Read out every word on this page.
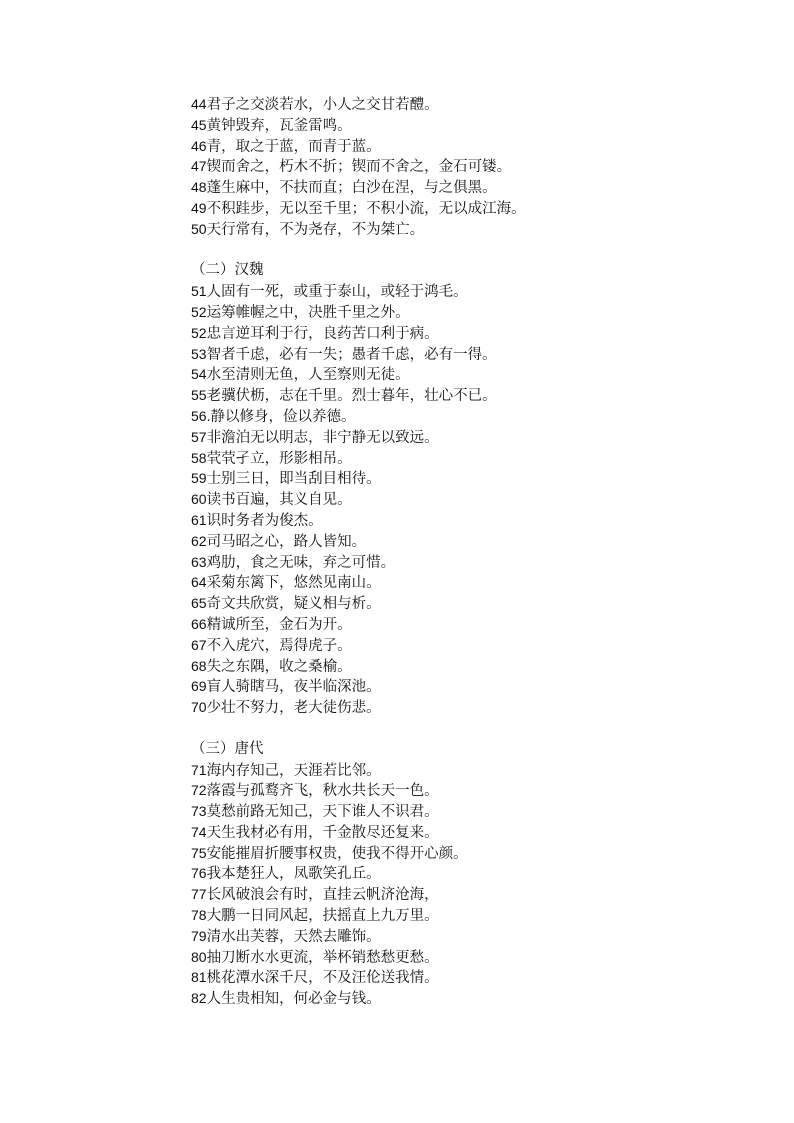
44君子之交淡若水，小人之交甘若醴。
45黄钟毁弃，瓦釜雷鸣。
46青，取之于蓝，而青于蓝。
47锲而舍之，朽木不折；锲而不舍之，金石可镂。
48蓬生麻中，不扶而直；白沙在涅，与之俱黑。
49不积跬步，无以至千里；不积小流，无以成江海。
50天行常有，不为尧存，不为桀亡。
（二）汉魏
51人固有一死，或重于泰山，或轻于鸿毛。
52运筹帷幄之中，决胜千里之外。
52忠言逆耳利于行，良药苦口利于病。
53智者千虑，必有一失；愚者千虑，必有一得。
54水至清则无鱼，人至察则无徒。
55老骥伏枥，志在千里。烈士暮年，壮心不已。
56.静以修身，俭以养德。
57非澹泊无以明志，非宁静无以致远。
58茕茕孑立，形影相吊。
59士别三日，即当刮目相待。
60读书百遍，其义自见。
61识时务者为俊杰。
62司马昭之心，路人皆知。
63鸡肋，食之无味，弃之可惜。
64采菊东篱下，悠然见南山。
65奇文共欣赏，疑义相与析。
66精诚所至，金石为开。
67不入虎穴，焉得虎子。
68失之东隅，收之桑榆。
69盲人骑瞎马，夜半临深池。
70少壮不努力，老大徒伤悲。
（三）唐代
71海内存知己，天涯若比邻。
72落霞与孤鹜齐飞，秋水共长天一色。
73莫愁前路无知己，天下谁人不识君。
74天生我材必有用，千金散尽还复来。
75安能摧眉折腰事权贵，使我不得开心颜。
76我本楚狂人，凤歌笑孔丘。
77长风破浪会有时，直挂云帆济沧海，
78大鹏一日同风起，扶摇直上九万里。
79清水出芙蓉，天然去雕饰。
80抽刀断水水更流，举杯销愁愁更愁。
81桃花潭水深千尺，不及汪伦送我情。
82人生贵相知，何必金与钱。
